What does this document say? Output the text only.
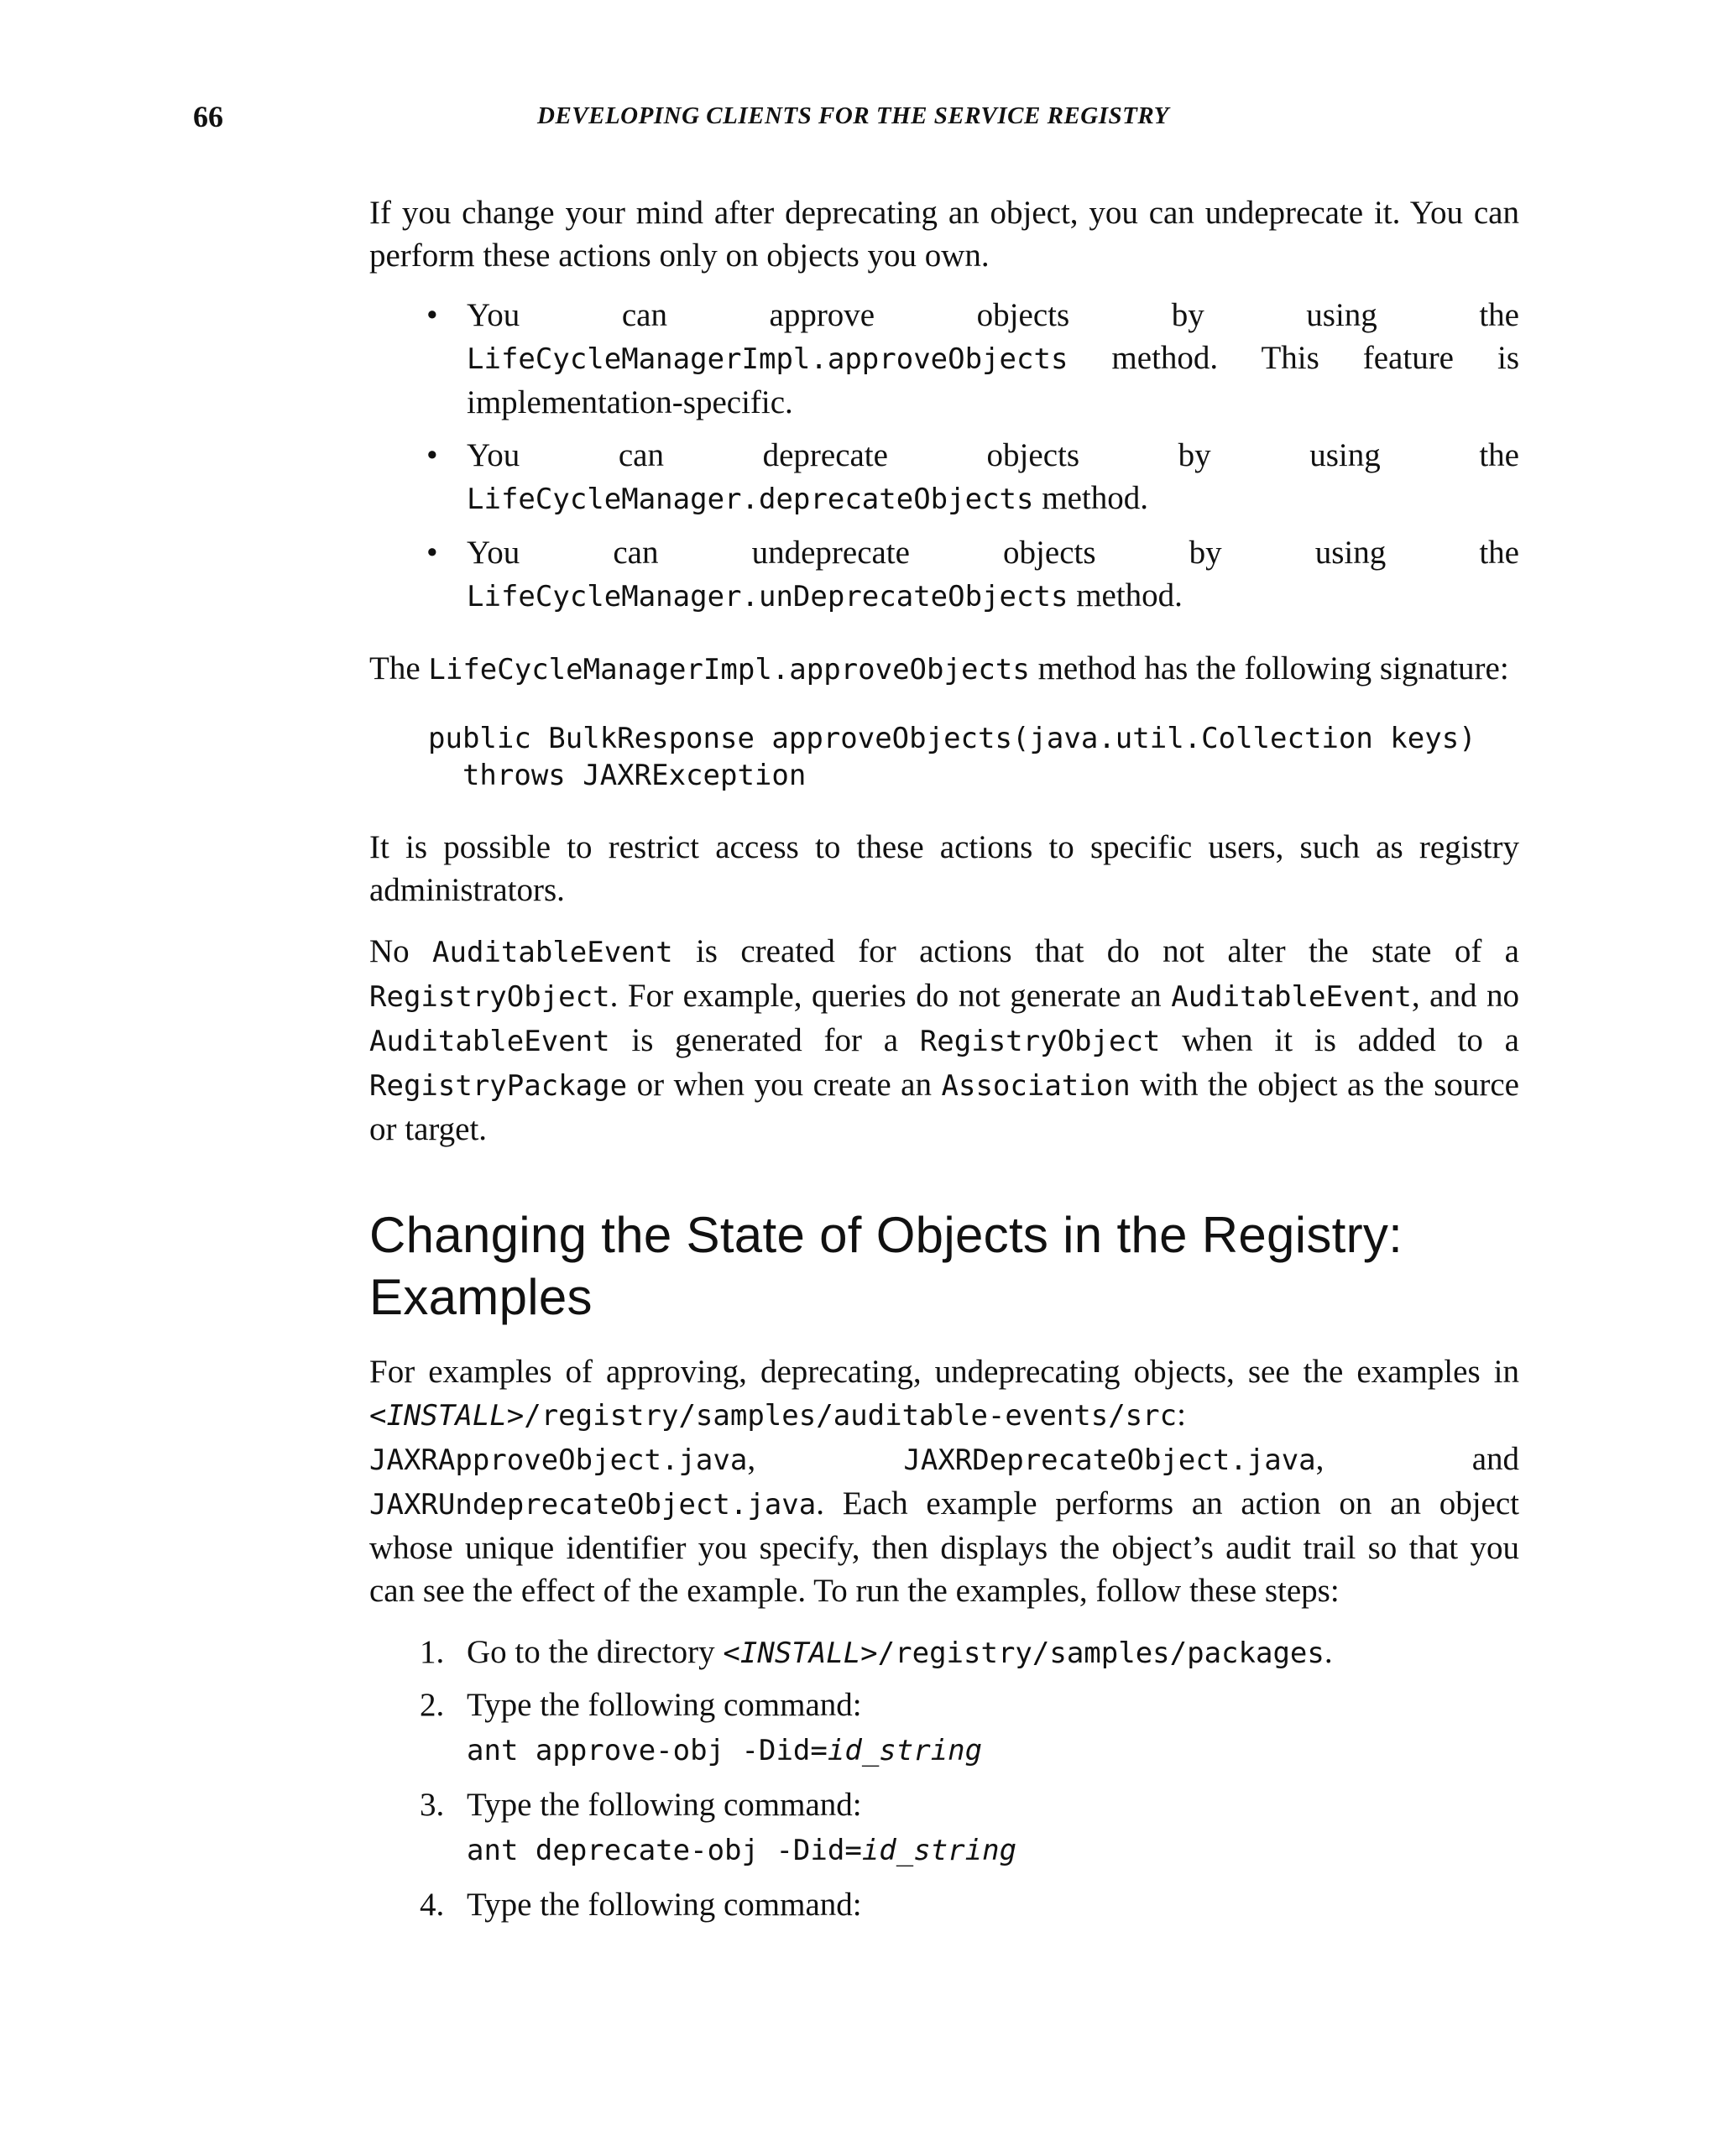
66	DEVELOPING CLIENTS FOR THE SERVICE REGISTRY

If you change your mind after deprecating an object, you can undeprecate it. You can perform these actions only on objects you own.

• You can approve objects by using the LifeCycleManagerImpl.approveObjects method. This feature is implementation-specific.
• You can deprecate objects by using the LifeCycleManager.deprecateObjects method.
• You can undeprecate objects by using the LifeCycleManager.unDeprecateObjects method.

The LifeCycleManagerImpl.approveObjects method has the following signature:

public BulkResponse approveObjects(java.util.Collection keys)
throws JAXRException

It is possible to restrict access to these actions to specific users, such as registry administrators.

No AuditableEvent is created for actions that do not alter the state of a RegistryObject. For example, queries do not generate an AuditableEvent, and no AuditableEvent is generated for a RegistryObject when it is added to a RegistryPackage or when you create an Association with the object as the source or target.

Changing the State of Objects in the Registry: Examples

For examples of approving, deprecating, undeprecating objects, see the examples in <INSTALL>/registry/samples/auditable-events/src: JAXRApproveObject.java, JAXRDeprecateObject.java, and JAXRUndeprecateObject.java. Each example performs an action on an object whose unique identifier you specify, then displays the object’s audit trail so that you can see the effect of the example. To run the examples, follow these steps:

1. Go to the directory <INSTALL>/registry/samples/packages.
2. Type the following command:
ant approve-obj -Did=id_string
3. Type the following command:
ant deprecate-obj -Did=id_string
4. Type the following command:
